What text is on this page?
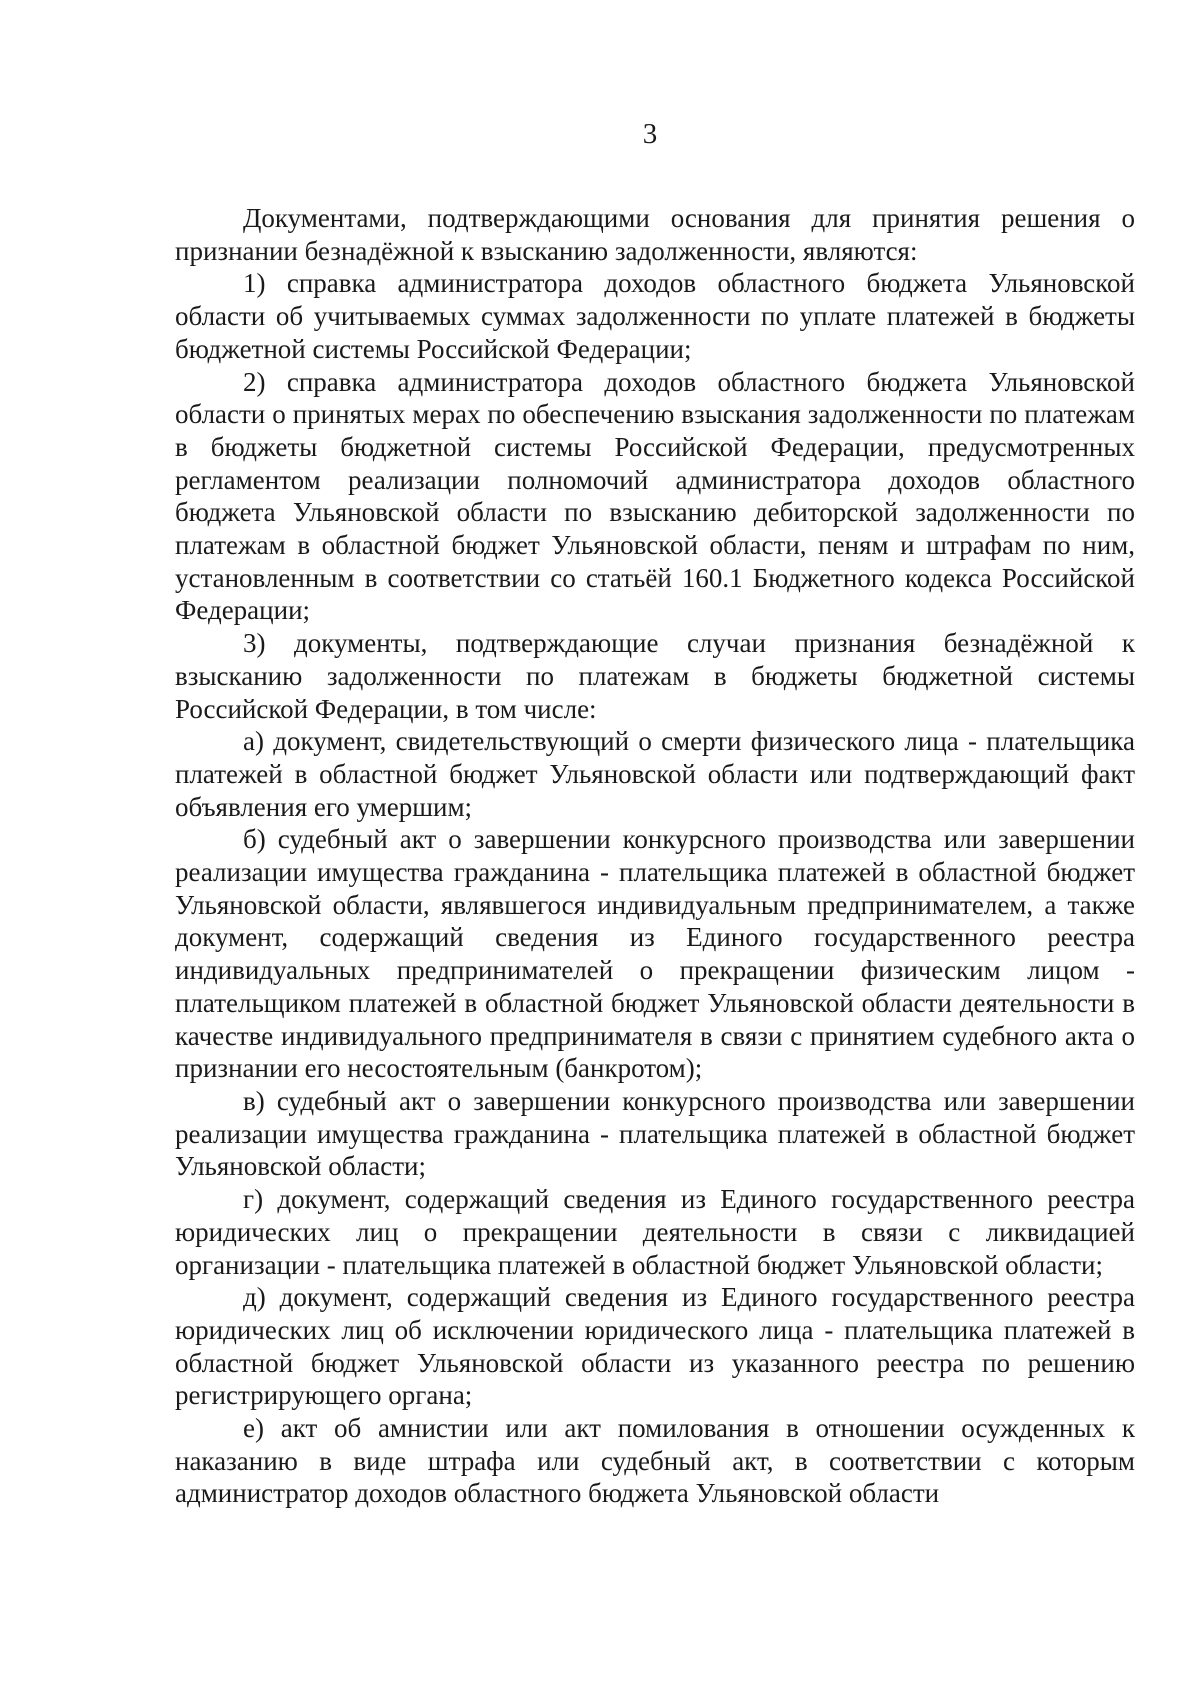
3

Документами, подтверждающими основания для принятия решения о признании безнадёжной к взысканию задолженности, являются:

1) справка администратора доходов областного бюджета Ульяновской области об учитываемых суммах задолженности по уплате платежей в бюджеты бюджетной системы Российской Федерации;

2) справка администратора доходов областного бюджета Ульяновской области о принятых мерах по обеспечению взыскания задолженности по платежам в бюджеты бюджетной системы Российской Федерации, предусмотренных регламентом реализации полномочий администратора доходов областного бюджета Ульяновской области по взысканию дебиторской задолженности по платежам в областной бюджет Ульяновской области, пеням и штрафам по ним, установленным в соответствии со статьёй 160.1 Бюджетного кодекса Российской Федерации;

3) документы, подтверждающие случаи признания безнадёжной к взысканию задолженности по платежам в бюджеты бюджетной системы Российской Федерации, в том числе:

а) документ, свидетельствующий о смерти физического лица - плательщика платежей в областной бюджет Ульяновской области или подтверждающий факт объявления его умершим;

б) судебный акт о завершении конкурсного производства или завершении реализации имущества гражданина - плательщика платежей в областной бюджет Ульяновской области, являвшегося индивидуальным предпринимателем, а также документ, содержащий сведения из Единого государственного реестра индивидуальных предпринимателей о прекращении физическим лицом - плательщиком платежей в областной бюджет Ульяновской области деятельности в качестве индивидуального предпринимателя в связи с принятием судебного акта о признании его несостоятельным (банкротом);

в) судебный акт о завершении конкурсного производства или завершении реализации имущества гражданина - плательщика платежей в областной бюджет Ульяновской области;

г) документ, содержащий сведения из Единого государственного реестра юридических лиц о прекращении деятельности в связи с ликвидацией организации - плательщика платежей в областной бюджет Ульяновской области;

д) документ, содержащий сведения из Единого государственного реестра юридических лиц об исключении юридического лица - плательщика платежей в областной бюджет Ульяновской области из указанного реестра по решению регистрирующего органа;

е) акт об амнистии или акт помилования в отношении осужденных к наказанию в виде штрафа или судебный акт, в соответствии с которым администратор доходов областного бюджета Ульяновской области
